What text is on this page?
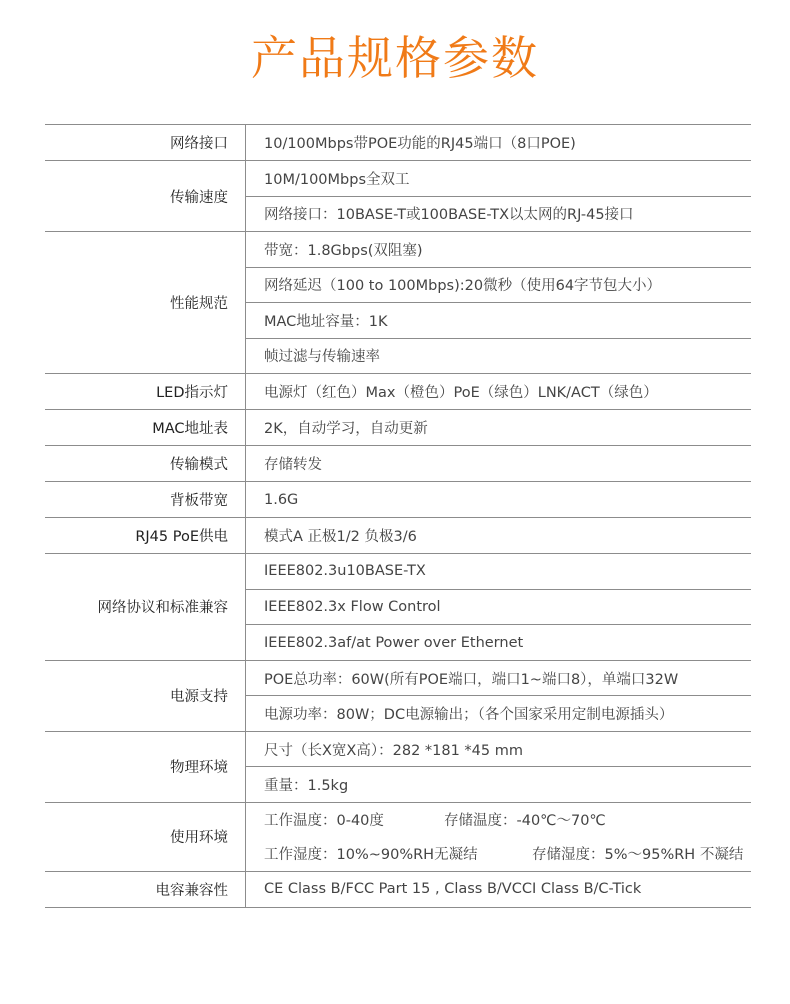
产品规格参数
网络接口	10/100Mbps带POE功能的RJ45端口（8口POE)
传输速度	10M/100Mbps全双工
	网络接口：10BASE-T或100BASE-TX以太网的RJ-45接口
性能规范	带宽：1.8Gbps(双阻塞)
	网络延迟（100 to 100Mbps):20微秒（使用64字节包大小）
	MAC地址容量：1K
	帧过滤与传输速率
LED指示灯	电源灯（红色）Max（橙色）PoE（绿色）LNK/ACT（绿色）
MAC地址表	2K，自动学习，自动更新
传输模式	存储转发
背板带宽	1.6G
RJ45 PoE供电	模式A 正极1/2 负极3/6
网络协议和标准兼容	IEEE802.3u10BASE-TX
	IEEE802.3x Flow Control
	IEEE802.3af/at Power over Ethernet
电源支持	POE总功率：60W(所有POE端口，端口1~端口8），单端口32W
	电源功率：80W；DC电源输出；（各个国家采用定制电源插头）
物理环境	尺寸（长X宽X高）：282 *181 *45 mm
	重量：1.5kg
使用环境	工作温度：0-40度 存储温度：-40℃～70℃
	工作湿度：10%~90%RH无凝结 存储湿度：5%～95%RH 不凝结
电容兼容性	CE Class B/FCC Part 15 , Class B/VCCI Class B/C-Tick
